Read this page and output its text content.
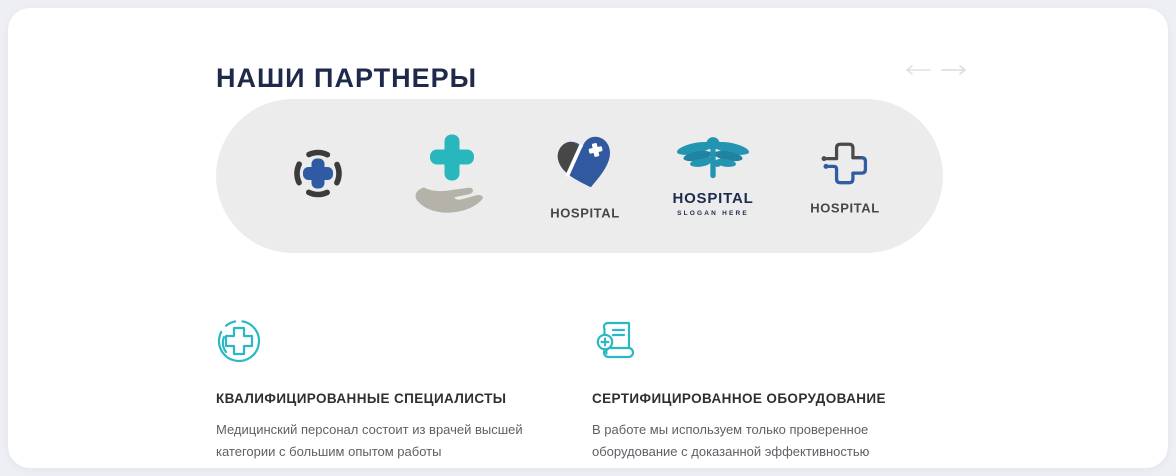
НАШИ ПАРТНЕРЫ
HOSPITAL
HOSPITAL
SLOGAN HERE	HOSPITAL
КВАЛИФИЦИРОВАННЫЕ СПЕЦИАЛИСТЫ
Медицинский персонал состоит из врачей высшей категории с большим опытом работы
СЕРТИФИЦИРОВАННОЕ ОБОРУДОВАНИЕ
В работе мы используем только проверенное оборудование с доказанной эффективностью
